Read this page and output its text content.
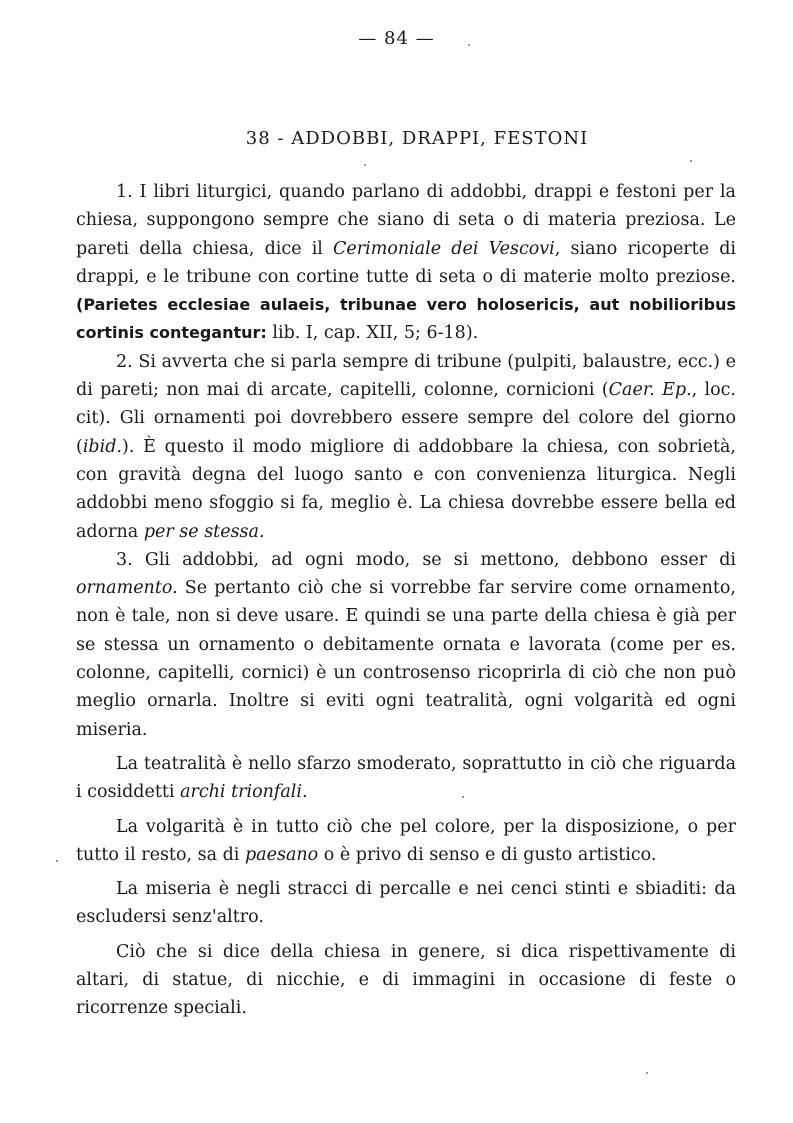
— 84 —
38 - ADDOBBI, DRAPPI, FESTONI

1. I libri liturgici, quando parlano di addobbi, drappi e festoni per la chiesa, suppongono sempre che siano di seta o di materia preziosa. Le pareti della chiesa, dice il Cerimoniale dei Vescovi, siano ricoperte di drappi, e le tribune con cortine tutte di seta o di materie molto preziose. (Parietes ecclesiae aulaeis, tribunae vero holosericis, aut nobilioribus cortinis contegantur: lib. I, cap. XII, 5; 6-18).

2. Si avverta che si parla sempre di tribune (pulpiti, balaustre, ecc.) e di pareti; non mai di arcate, capitelli, colonne, cornicioni (Caer. Ep., loc. cit). Gli ornamenti poi dovrebbero essere sempre del colore del giorno (ibid.). È questo il modo migliore di addobbare la chiesa, con sobrietà, con gravità degna del luogo santo e con convenienza liturgica. Negli addobbi meno sfoggio si fa, meglio è. La chiesa dovrebbe essere bella ed adorna per se stessa.

3. Gli addobbi, ad ogni modo, se si mettono, debbono esser di ornamento. Se pertanto ciò che si vorrebbe far servire come ornamento, non è tale, non si deve usare. E quindi se una parte della chiesa è già per se stessa un ornamento o debitamente ornata e lavorata (come per es. colonne, capitelli, cornici) è un controsenso ricoprirla di ciò che non può meglio ornarla. Inoltre si eviti ogni teatralità, ogni volgarità ed ogni miseria.

La teatralità è nello sfarzo smoderato, soprattutto in ciò che riguarda i cosiddetti archi trionfali.

La volgarità è in tutto ciò che pel colore, per la disposizione, o per tutto il resto, sa di paesano o è privo di senso e di gusto artistico.

La miseria è negli stracci di percalle e nei cenci stinti e sbiaditi: da escludersi senz'altro.

Ciò che si dice della chiesa in genere, si dica rispettivamente di altari, di statue, di nicchie, e di immagini in occasione di feste o ricorrenze speciali.
